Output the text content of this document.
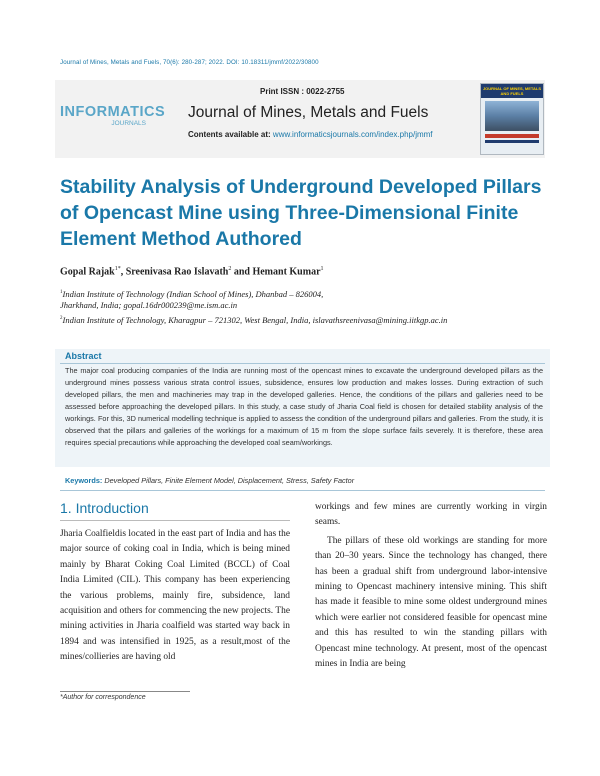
Journal of Mines, Metals and Fuels, 70(6): 280-287; 2022. DOI: 10.18311/jmmf/2022/30800
INFORMATICS
JOURNALS
Print ISSN : 0022-2755
Journal of Mines, Metals and Fuels
Contents available at: www.informaticsjournals.com/index.php/jmmf
JOURNAL OF MINES, METALS AND FUELS
Stability Analysis of Underground Developed Pillars of Opencast Mine using Three-Dimensional Finite Element Method Authored
Gopal Rajak$^{1*}$, Sreenivasa Rao Islavath$^2$ and Hemant Kumar$^1$
$^1$Indian Institute of Technology (Indian School of Mines), Dhanbad – 826004,
Jharkhand, India; gopal.16dr000239@me.ism.ac.in
$^2$Indian Institute of Technology, Kharagpur – 721302, West Bengal, India, islavathsreenivasa@mining.iitkgp.ac.in
Abstract
The major coal producing companies of the India are running most of the opencast mines to excavate the underground developed pillars as the underground mines possess various strata control issues, subsidence, ensures low production and makes losses. During extraction of such developed pillars, the men and machineries may trap in the developed galleries. Hence, the conditions of the pillars and galleries need to be assessed before approaching the developed pillars. In this study, a case study of Jharia Coal field is chosen for detailed stability analysis of the workings. For this, 3D numerical modelling technique is applied to assess the condition of the underground pillars and galleries. From the study, it is observed that the pillars and galleries of the workings for a maximum of 15 m from the slope surface fails severely. It is therefore, these area requires special precautions while approaching the developed coal seam/workings.
Keywords: Developed Pillars, Finite Element Model, Displacement, Stress, Safety Factor
1. Introduction

Jharia Coalfieldis located in the east part of India and has the major source of coking coal in India, which is being mined mainly by Bharat Coking Coal Limited (BCCL) of Coal India Limited (CIL). This company has been experiencing the various problems, mainly fire, subsidence, land acquisition and others for commencing the new projects. The mining activities in Jharia coalfield was started way back in 1894 and was intensified in 1925, as a result,most of the mines/collieries are having old

workings and few mines are currently working in virgin seams.

The pillars of these old workings are standing for more than 20–30 years. Since the technology has changed, there has been a gradual shift from underground labor-intensive mining to Opencast machinery intensive mining. This shift has made it feasible to mine some oldest underground mines which were earlier not considered feasible for opencast mine and this has resulted to win the standing pillars with Opencast mine technology. At present, most of the opencast mines in India are being

*Author for correspondence
